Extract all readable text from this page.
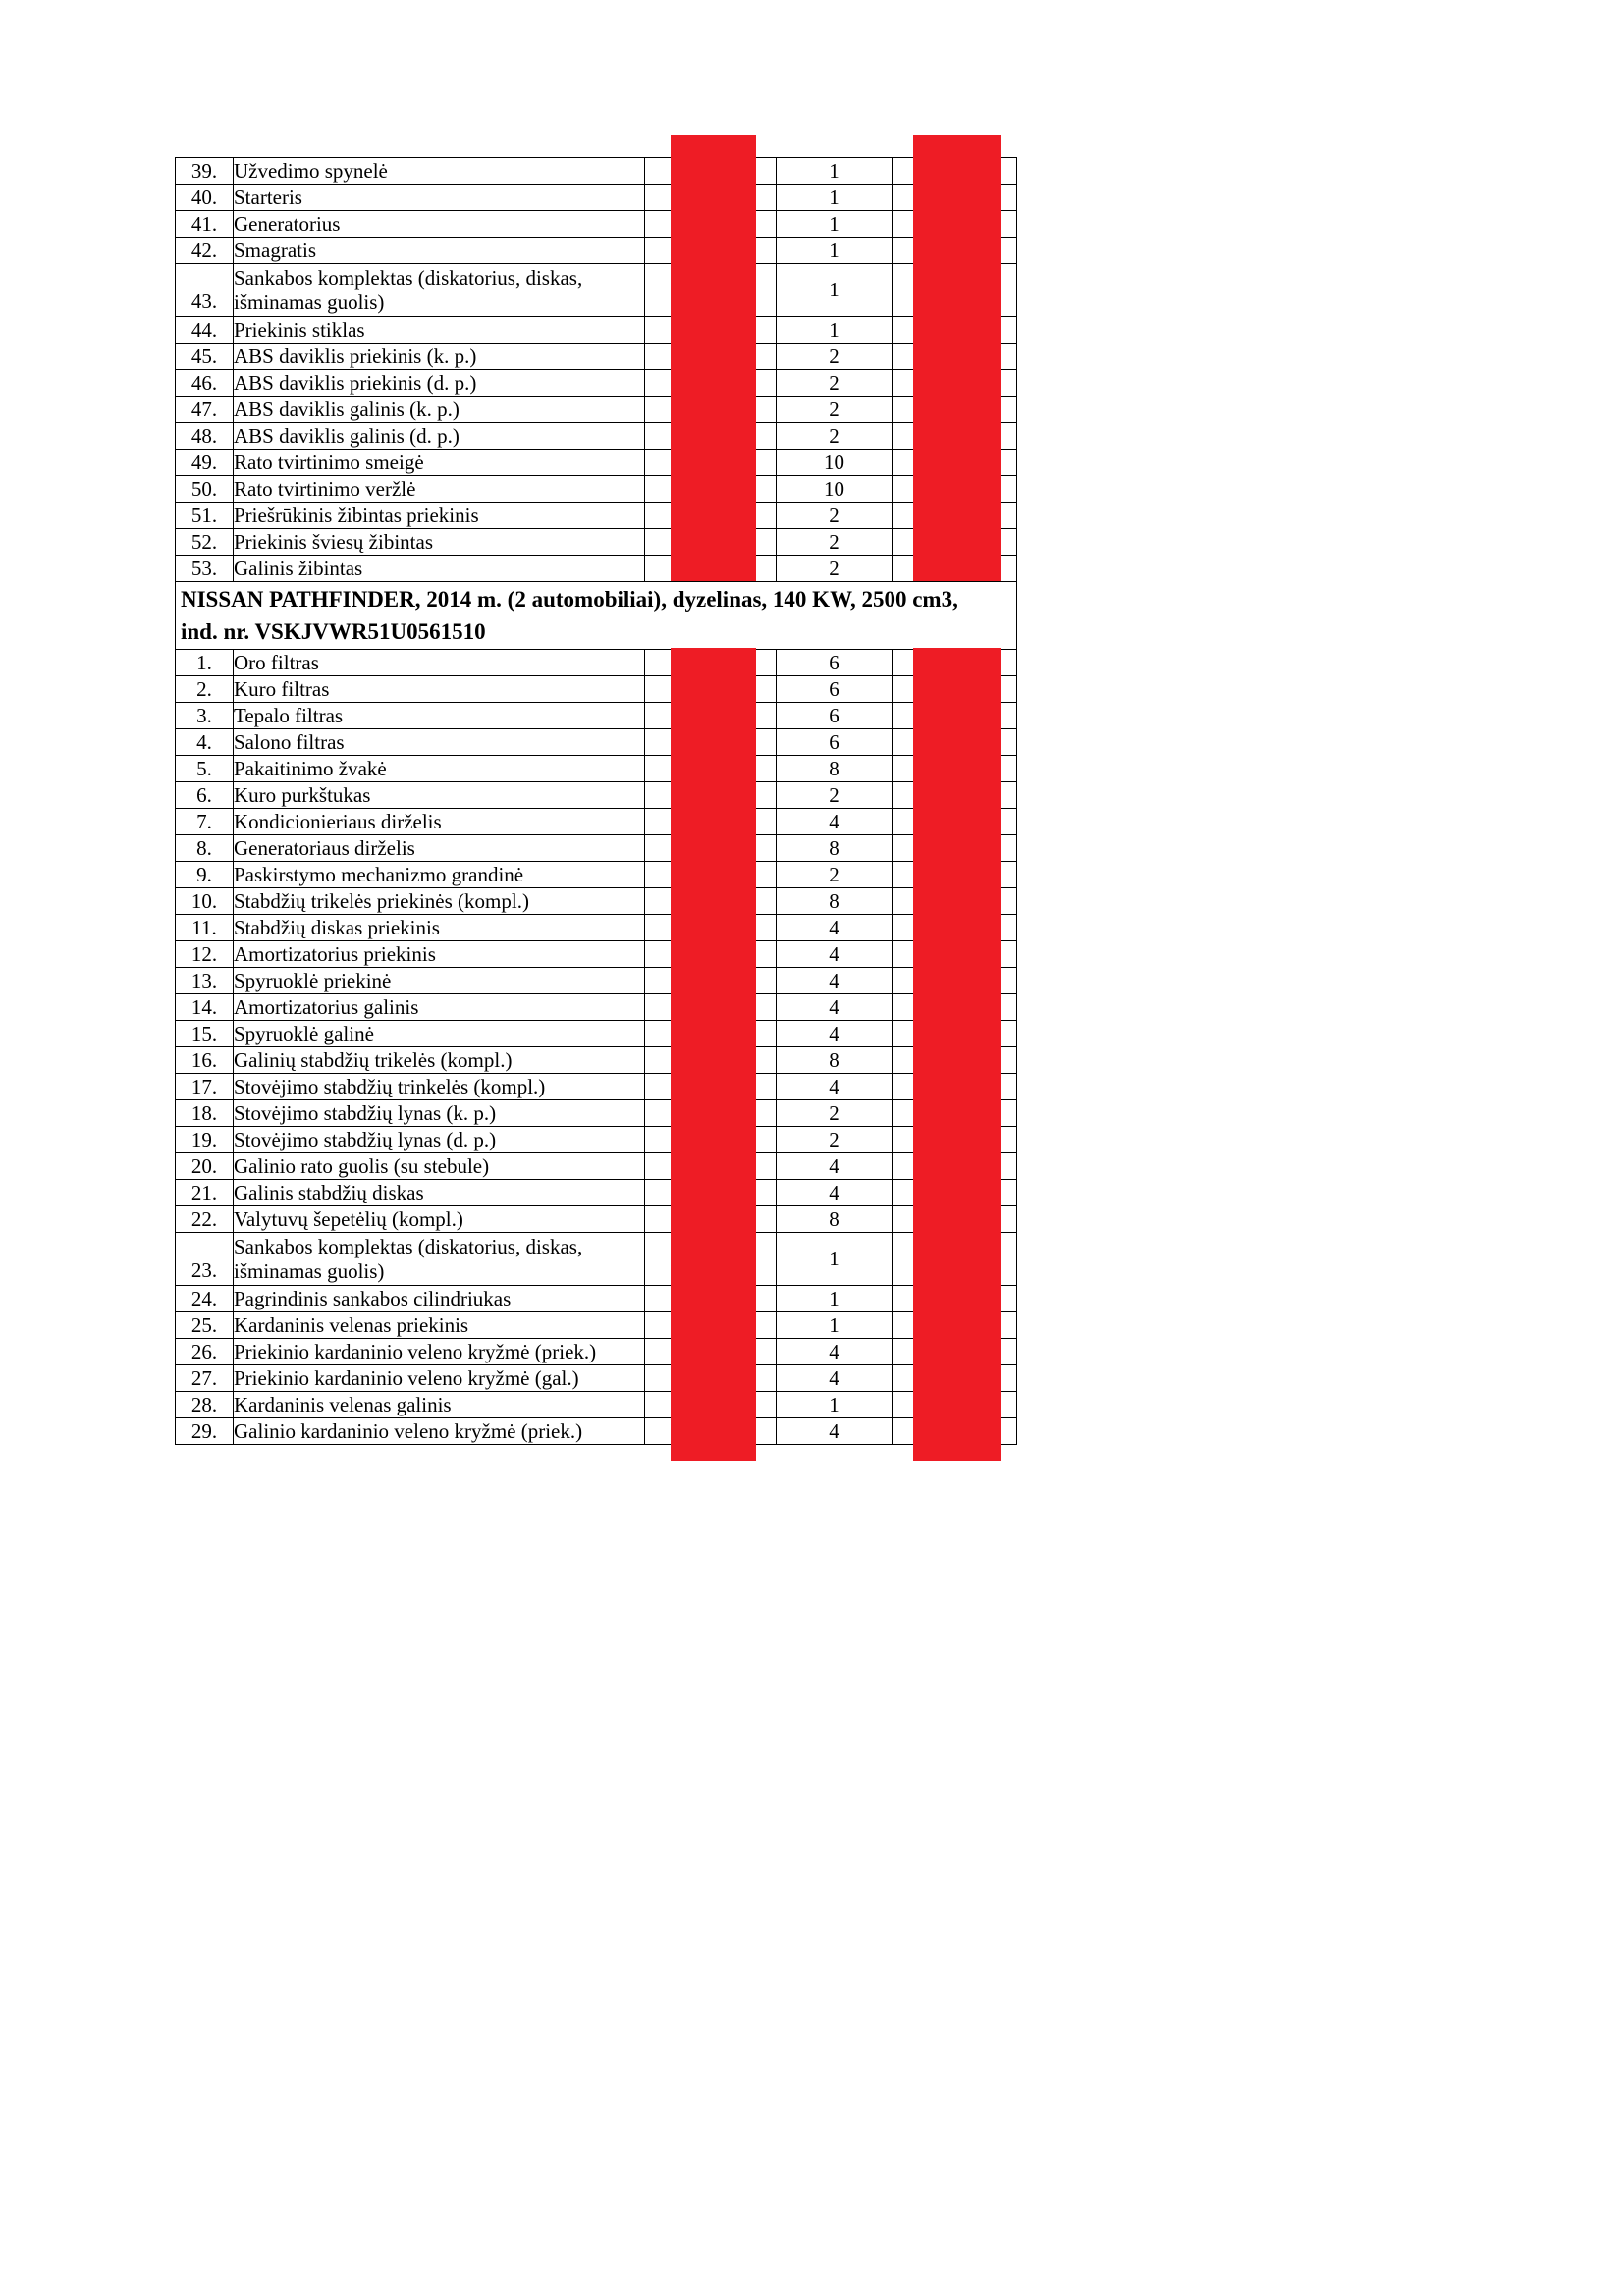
39.	Užvedimo spynelė		1	
40.	Starteris		1	
41.	Generatorius		1	
42.	Smagratis		1	
43.	Sankabos komplektas (diskatorius, diskas, išminamas guolis)		1	
44.	Priekinis stiklas		1	
45.	ABS daviklis priekinis (k. p.)		2	
46.	ABS daviklis priekinis (d. p.)		2	
47.	ABS daviklis galinis (k. p.)		2	
48.	ABS daviklis galinis (d. p.)		2	
49.	Rato tvirtinimo smeigė		10	
50.	Rato tvirtinimo veržlė		10	
51.	Priešrūkinis žibintas priekinis		2	
52.	Priekinis šviesų žibintas		2	
53.	Galinis žibintas		2	

NISSAN PATHFINDER, 2014 m. (2 automobiliai), dyzelinas, 140 KW, 2500 cm3,
ind. nr. VSKJVWR51U0561510				

1.	Oro filtras		6	
2.	Kuro filtras		6	
3.	Tepalo filtras		6	
4.	Salono filtras		6	
5.	Pakaitinimo žvakė		8	
6.	Kuro purkštukas		2	
7.	Kondicionieriaus dirželis		4	
8.	Generatoriaus dirželis		8	
9.	Paskirstymo mechanizmo grandinė		2	
10.	Stabdžių trikelės priekinės (kompl.)		8	
11.	Stabdžių diskas priekinis		4	
12.	Amortizatorius priekinis		4	
13.	Spyruoklė priekinė		4	
14.	Amortizatorius galinis		4	
15.	Spyruoklė galinė		4	
16.	Galinių stabdžių trikelės (kompl.)		8	
17.	Stovėjimo stabdžių trinkelės (kompl.)		4	
18.	Stovėjimo stabdžių lynas (k. p.)		2	
19.	Stovėjimo stabdžių lynas (d. p.)		2	
20.	Galinio rato guolis (su stebule)		4	
21.	Galinis stabdžių diskas		4	
22.	Valytuvų šepetėlių (kompl.)		8	
23.	Sankabos komplektas (diskatorius, diskas, išminamas guolis)		1	
24.	Pagrindinis sankabos cilindriukas		1	
25.	Kardaninis velenas priekinis		1	
26.	Priekinio kardaninio veleno kryžmė (priek.)		4	
27.	Priekinio kardaninio veleno kryžmė (gal.)		4	
28.	Kardaninis velenas galinis		1	
29.	Galinio kardaninio veleno kryžmė (priek.)		4	
